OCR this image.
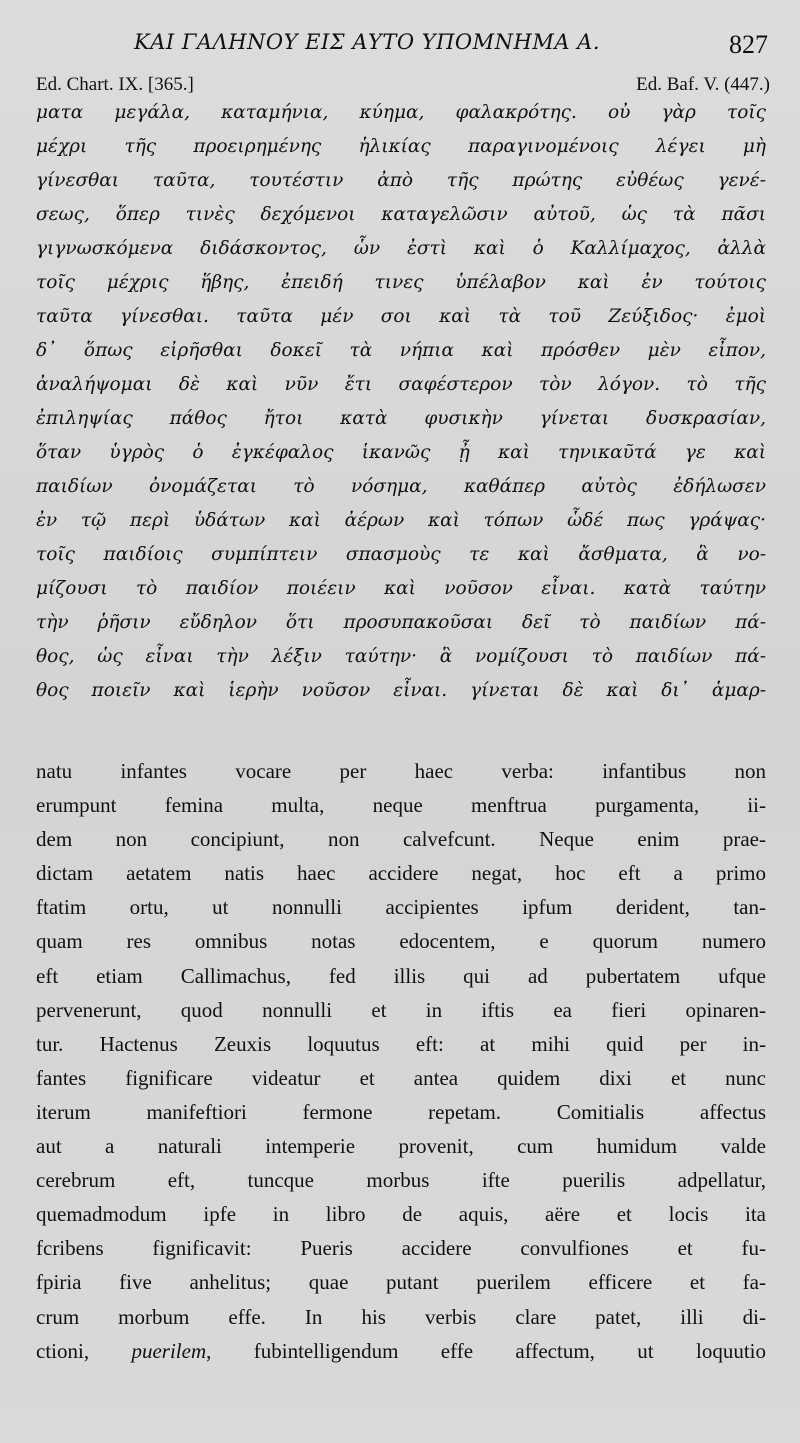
ΚΑΙ ΓΑΛΗΝΟΥ ΕΙΣ ΑΥΤΟ ΥΠΟΜΝΗΜΑ Α.	827
Ed. Chart. IX. [365.]	Ed. Baf. V. (447.)
ματα μεγάλα, καταμήνια, κύημα, φαλακρότης. οὐ γὰρ τοῖς
μέχρι τῆς προειρημένης ἡλικίας παραγινομένοις λέγει μὴ
γίνεσθαι ταῦτα, τουτέστιν ἀπὸ τῆς πρώτης εὐθέως γενέ-
σεως, ὅπερ τινὲς δεχόμενοι καταγελῶσιν αὐτοῦ, ὡς τὰ πᾶσι
γιγνωσκόμενα διδάσκοντος, ὧν ἐστὶ καὶ ὁ Καλλίμαχος, ἀλλὰ
τοῖς μέχρις ἥβης, ἐπειδή τινες ὑπέλαβον καὶ ἐν τούτοις
ταῦτα γίνεσθαι. ταῦτα μέν σοι καὶ τὰ τοῦ Ζεύξιδος· ἐμοὶ
δ᾽ ὅπως εἰρῆσθαι δοκεῖ τὰ νήπια καὶ πρόσθεν μὲν εἶπον,
ἀναλήψομαι δὲ καὶ νῦν ἔτι σαφέστερον τὸν λόγον. τὸ τῆς
ἐπιληψίας πάθος ἤτοι κατὰ φυσικὴν γίνεται δυσκρασίαν,
ὅταν ὑγρὸς ὁ ἐγκέφαλος ἱκανῶς ᾖ καὶ τηνικαῦτά γε καὶ
παιδίων ὀνομάζεται τὸ νόσημα, καθάπερ αὐτὸς ἐδήλωσεν
ἐν τῷ περὶ ὑδάτων καὶ ἀέρων καὶ τόπων ὧδέ πως γράψας·
τοῖς παιδίοις συμπίπτειν σπασμοὺς τε καὶ ἄσθματα, ἃ νο-
μίζουσι τὸ παιδίον ποιέειν καὶ νοῦσον εἶναι. κατὰ ταύτην
τὴν ῥῆσιν εὔδηλον ὅτι προσυπακοῦσαι δεῖ τὸ παιδίων πά-
θος, ὡς εἶναι τὴν λέξιν ταύτην· ἃ νομίζουσι τὸ παιδίων πά-
θος ποιεῖν καὶ ἱερὴν νοῦσον εἶναι. γίνεται δὲ καὶ δι᾽ ἁμαρ-
natu infantes vocare per haec verba: infantibus non
erumpunt femina multa, neque menftrua purgamenta, ii-
dem non concipiunt, non calvefcunt. Neque enim prae-
dictam aetatem natis haec accidere negat, hoc eft a primo
ftatim ortu, ut nonnulli accipientes ipfum derident, tan-
quam res omnibus notas edocentem, e quorum numero
eft etiam Callimachus, fed illis qui ad pubertatem ufque
pervenerunt, quod nonnulli et in iftis ea fieri opinaren-
tur. Hactenus Zeuxis loquutus eft: at mihi quid per in-
fantes fignificare videatur et antea quidem dixi et nunc
iterum manifeftiori fermone repetam. Comitialis affectus
aut a naturali intemperie provenit, cum humidum valde
cerebrum eft, tuncque morbus ifte puerilis adpellatur,
quemadmodum ipfe in libro de aquis, aëre et locis ita
fcribens fignificavit: Pueris accidere convulfiones et fu-
fpiria five anhelitus; quae putant puerilem efficere et fa-
crum morbum effe. In his verbis clare patet, illi di-
ctioni, puerilem, fubintelligendum effe affectum, ut loquutio
